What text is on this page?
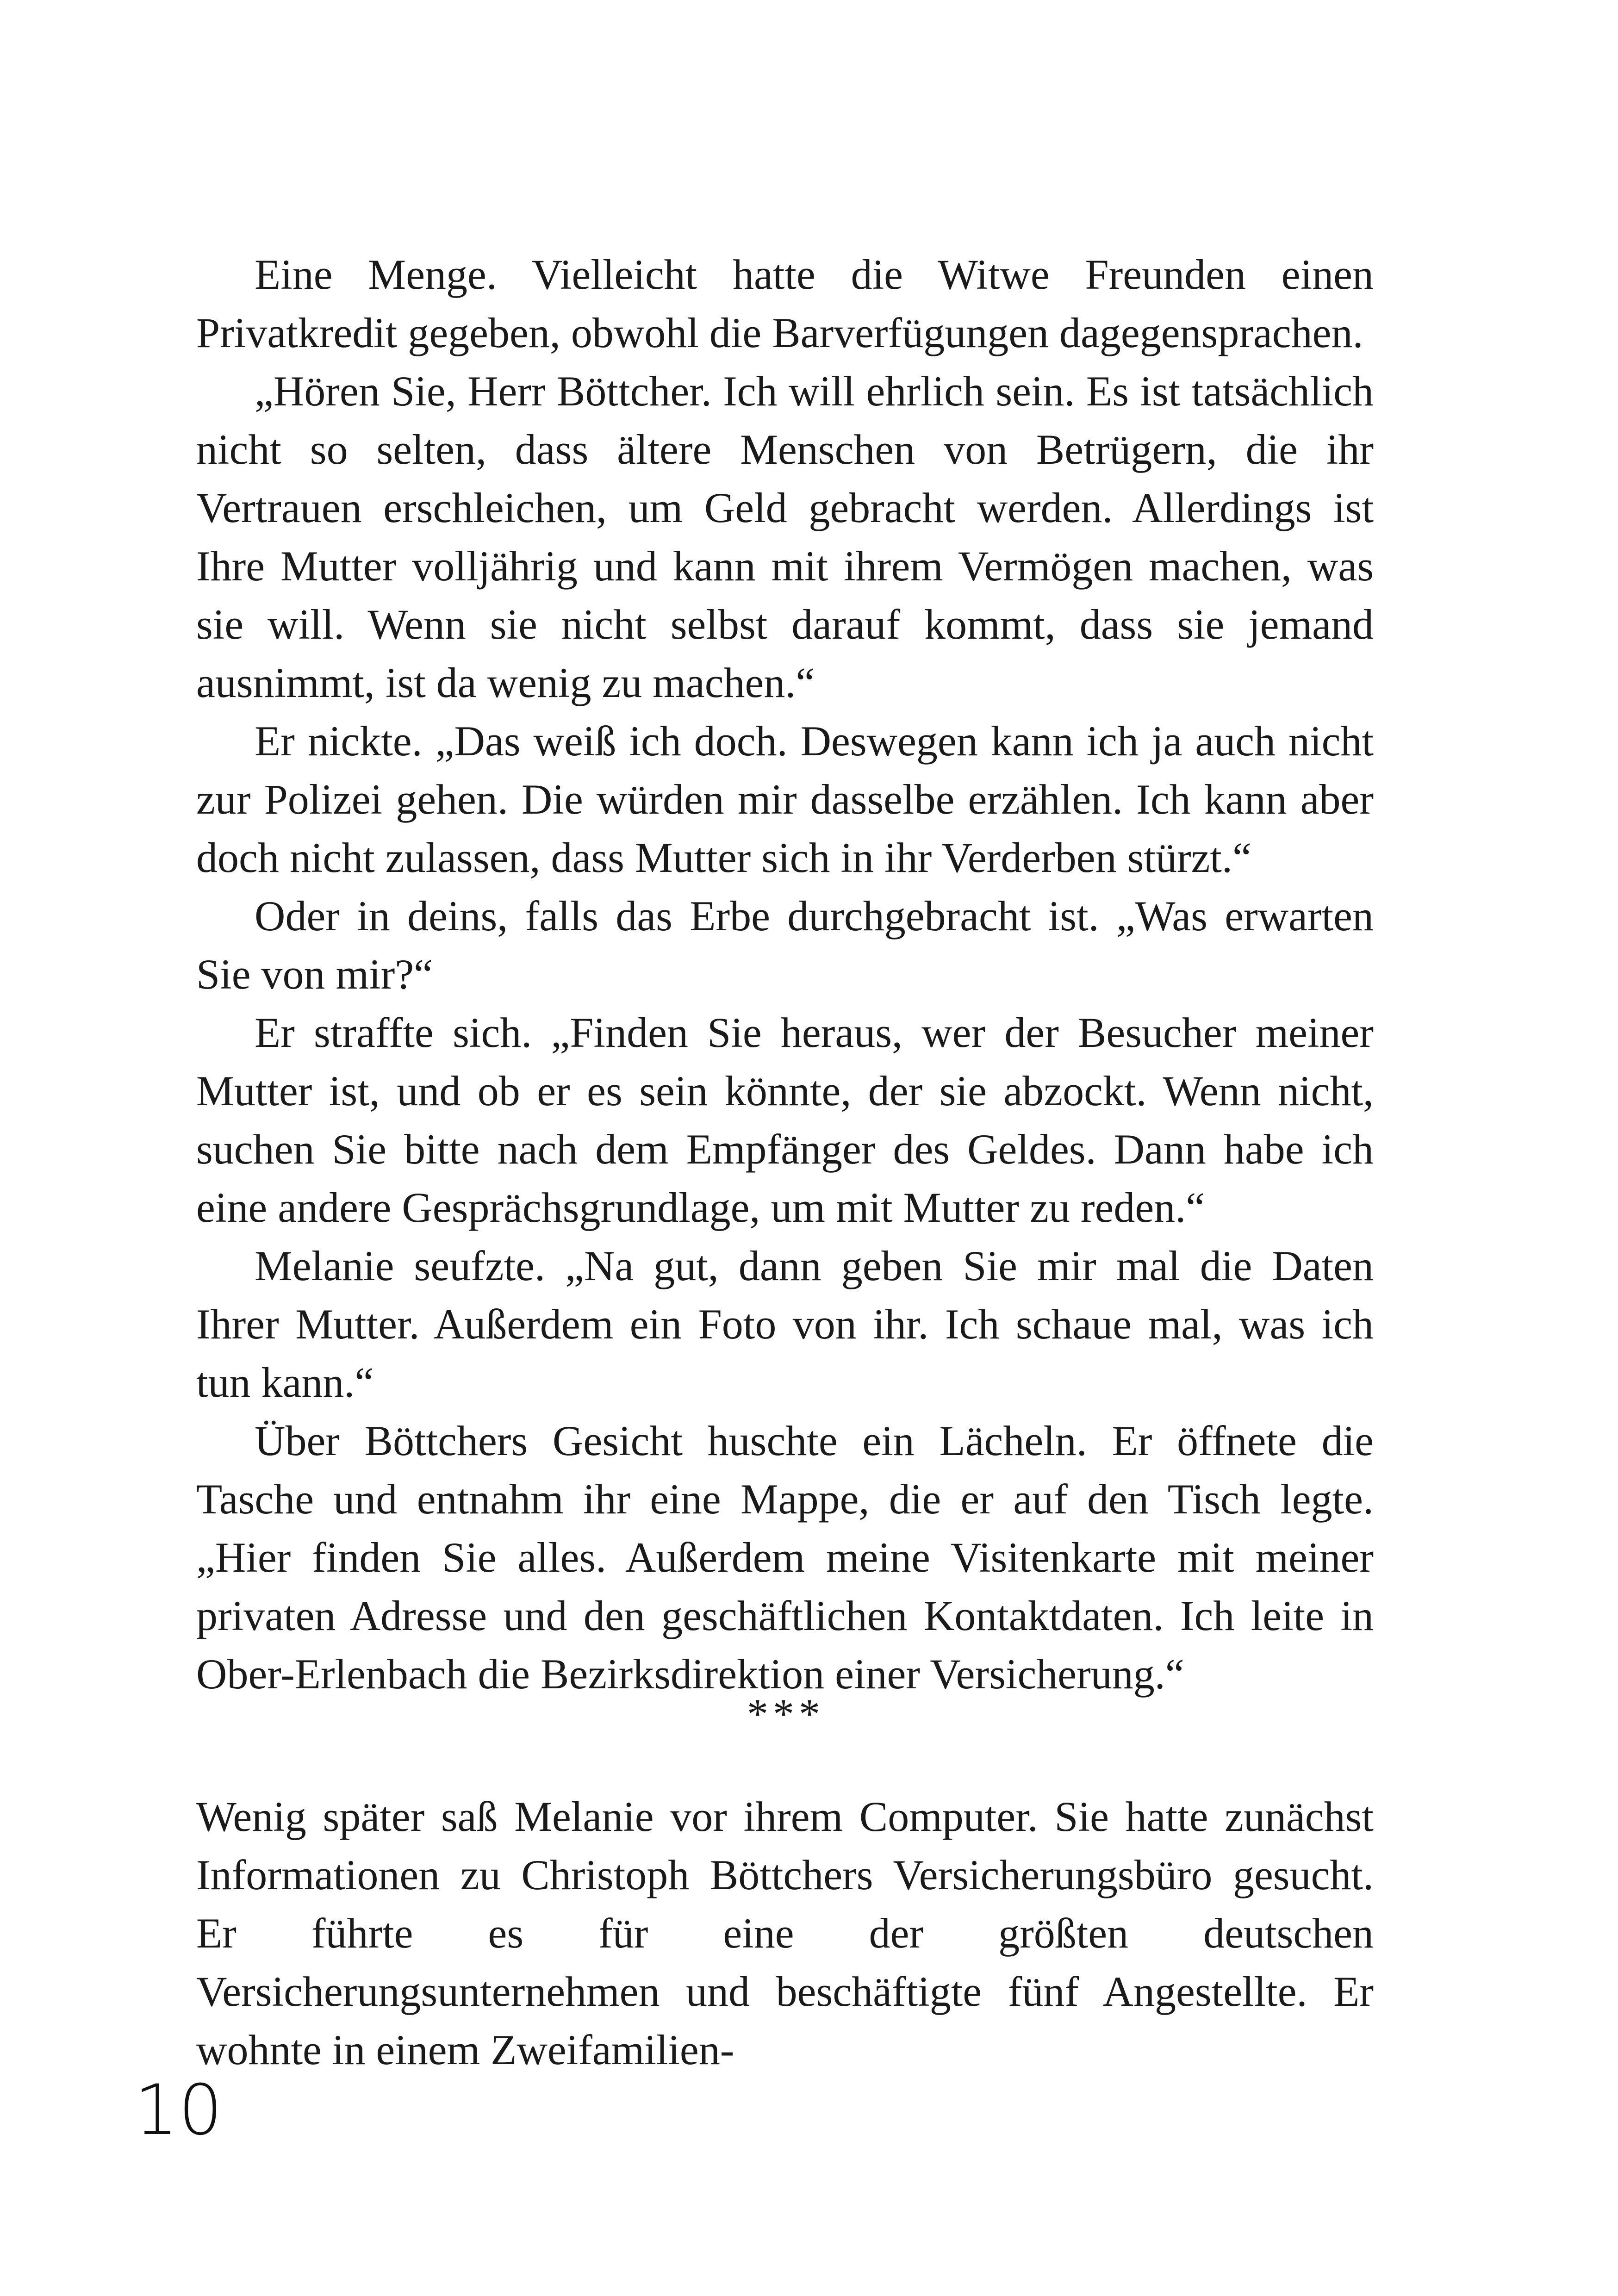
Eine Menge. Vielleicht hatte die Witwe Freunden einen Privatkredit gegeben, obwohl die Barverfügungen dagegensprachen.

„Hören Sie, Herr Böttcher. Ich will ehrlich sein. Es ist tatsächlich nicht so selten, dass ältere Menschen von Betrügern, die ihr Vertrauen erschleichen, um Geld gebracht werden. Allerdings ist Ihre Mutter volljährig und kann mit ihrem Vermögen machen, was sie will. Wenn sie nicht selbst darauf kommt, dass sie jemand ausnimmt, ist da wenig zu machen.“

Er nickte. „Das weiß ich doch. Deswegen kann ich ja auch nicht zur Polizei gehen. Die würden mir dasselbe erzählen. Ich kann aber doch nicht zulassen, dass Mutter sich in ihr Verderben stürzt.“

Oder in deins, falls das Erbe durchgebracht ist. „Was erwarten Sie von mir?“

Er straffte sich. „Finden Sie heraus, wer der Besucher meiner Mutter ist, und ob er es sein könnte, der sie abzockt. Wenn nicht, suchen Sie bitte nach dem Empfänger des Geldes. Dann habe ich eine andere Gesprächsgrundlage, um mit Mutter zu reden.“

Melanie seufzte. „Na gut, dann geben Sie mir mal die Daten Ihrer Mutter. Außerdem ein Foto von ihr. Ich schaue mal, was ich tun kann.“

Über Böttchers Gesicht huschte ein Lächeln. Er öffnete die Tasche und entnahm ihr eine Mappe, die er auf den Tisch legte. „Hier finden Sie alles. Außerdem meine Visitenkarte mit meiner privaten Adresse und den geschäftlichen Kontaktdaten. Ich leite in Ober-Erlenbach die Bezirksdirektion einer Versicherung.“

***

Wenig später saß Melanie vor ihrem Computer. Sie hatte zunächst Informationen zu Christoph Böttchers Versicherungsbüro gesucht. Er führte es für eine der größten deutschen Versicherungsunternehmen und beschäftigte fünf Angestellte. Er wohnte in einem Zweifamilien-

10
